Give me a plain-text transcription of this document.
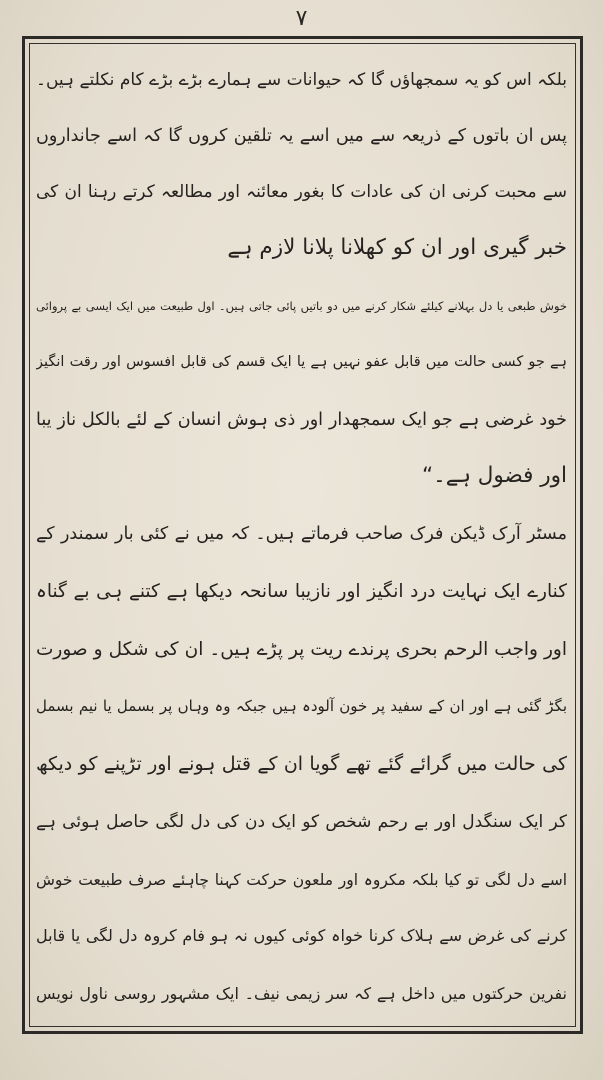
۷
بلکہ اس کو یہ سمجھاؤں گا کہ حیوانات سے ہمارے بڑے بڑے کام نکلتے ہیں۔
پس ان باتوں کے ذریعہ سے میں اسے یہ تلقین کروں گا کہ اسے جانداروں
سے محبت کرنی ان کی عادات کا بغور معائنہ اور مطالعہ کرتے رہنا ان کی
خبر گیری اور ان کو کھلانا پلانا لازم ہے
خوش طبعی یا دل بہلانے کیلئے شکار کرنے میں دو باتیں پائی جاتی ہیں۔ اول طبیعت میں ایک ایسی بے پروائی
ہے جو کسی حالت میں قابل عفو نہیں ہے یا ایک قسم کی قابل افسوس اور رقت انگیز
خود غرضی ہے جو ایک سمجھدار اور ذی ہوش انسان کے لئے بالکل ناز یبا
اور فضول ہے۔“
مسٹر آرک ڈیکن فرک صاحب فرماتے ہیں۔ کہ میں نے کئی بار سمندر کے
کنارے ایک نہایت درد انگیز اور نازیبا سانحہ دیکھا ہے کتنے ہی بے گناہ
اور واجب الرحم بحری پرندے ریت پر پڑے ہیں۔ ان کی شکل و صورت
بگڑ گئی ہے اور ان کے سفید پر خون آلودہ ہیں جبکہ وہ وہاں پر بسمل یا نیم بسمل
کی حالت میں گرائے گئے تھے گویا ان کے قتل ہونے اور تڑپنے کو دیکھ
کر ایک سنگدل اور بے رحم شخص کو ایک دن کی دل لگی حاصل ہوئی ہے
اسے دل لگی تو کیا بلکہ مکروہ اور ملعون حرکت کہنا چاہئے صرف طبیعت خوش
کرنے کی غرض سے ہلاک کرنا خواہ کوئی کیوں نہ ہو فام کروہ دل لگی یا قابل
نفرین حرکتوں میں داخل ہے کہ سر زیمی نیف۔ ایک مشہور روسی ناول نویس
